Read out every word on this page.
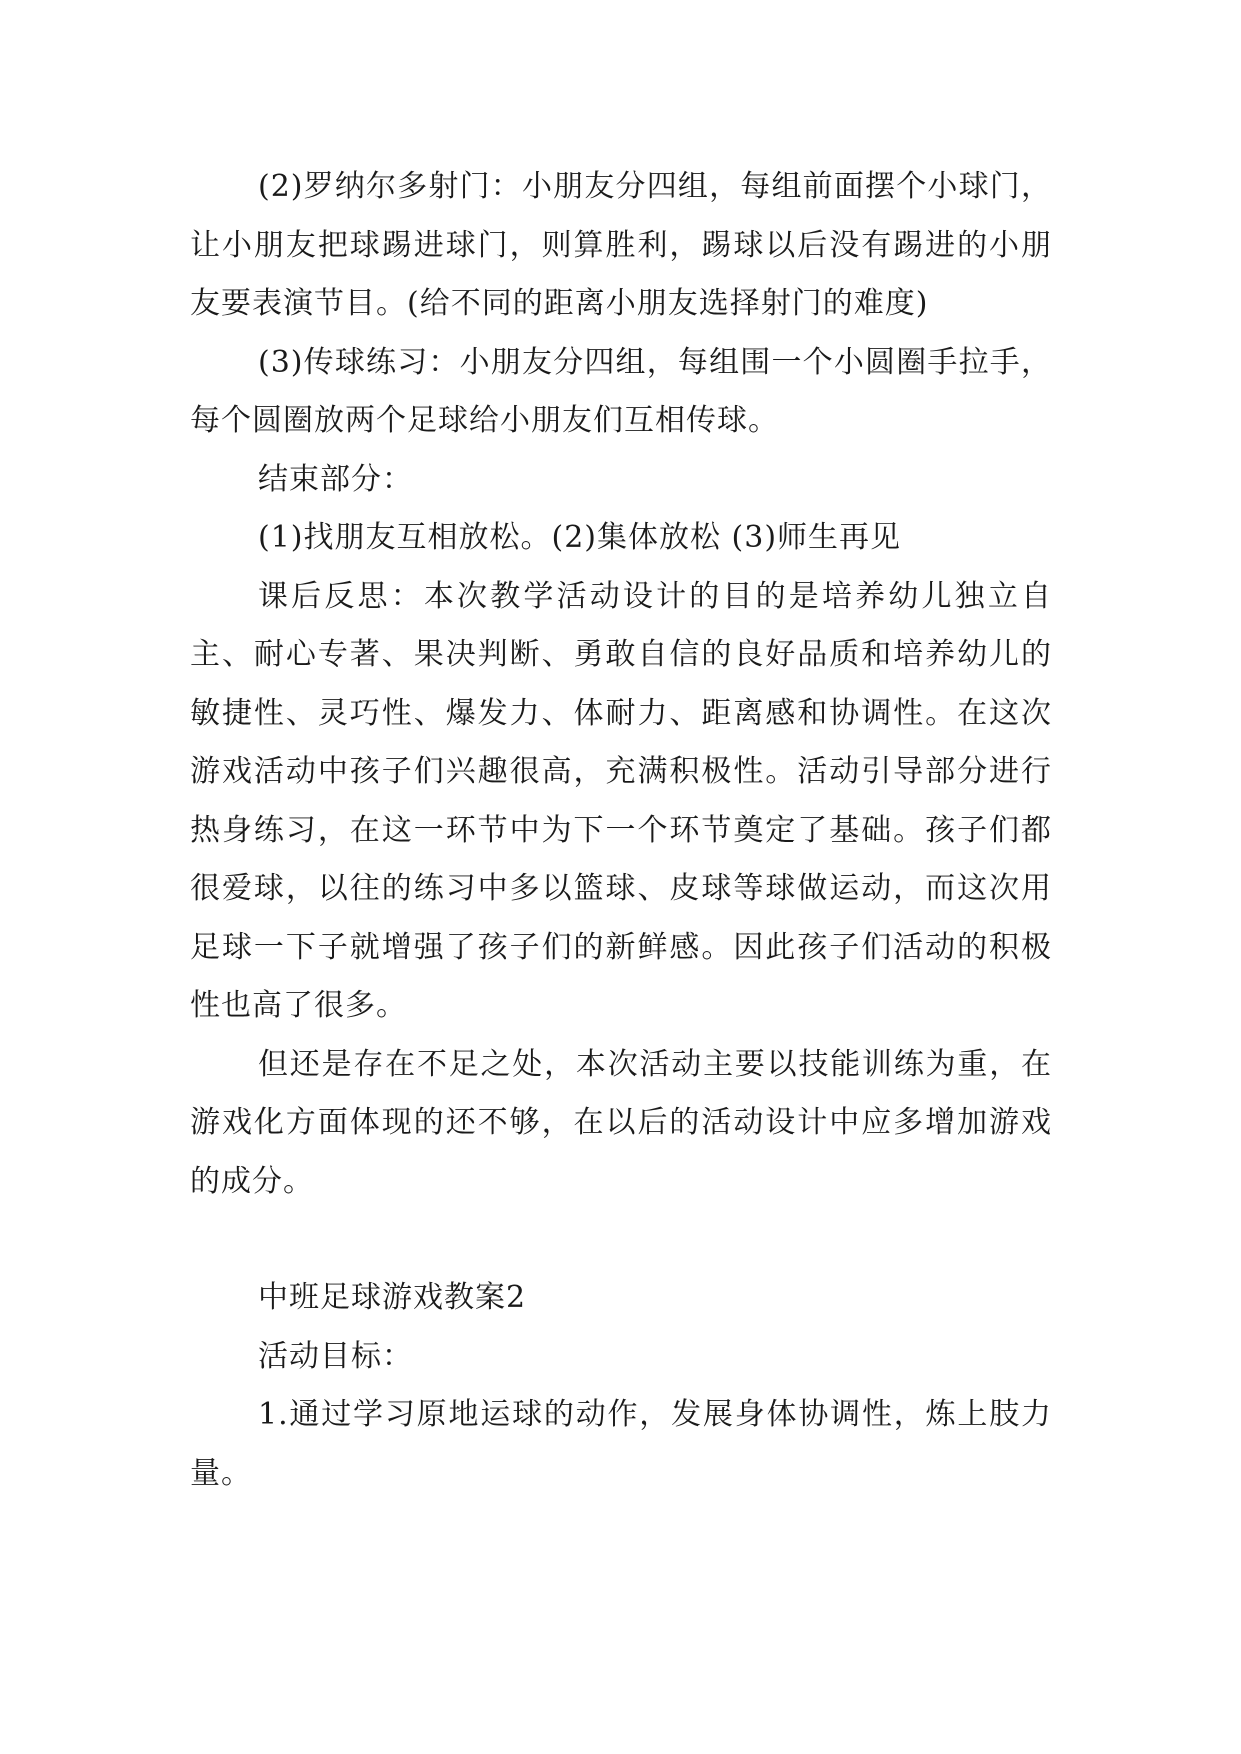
(2)罗纳尔多射门：小朋友分四组，每组前面摆个小球门，让小朋友把球踢进球门，则算胜利，踢球以后没有踢进的小朋友要表演节目。(给不同的距离小朋友选择射门的难度)

(3)传球练习：小朋友分四组，每组围一个小圆圈手拉手，每个圆圈放两个足球给小朋友们互相传球。

结束部分：

(1)找朋友互相放松。(2)集体放松 (3)师生再见

课后反思：本次教学活动设计的目的是培养幼儿独立自主、耐心专著、果决判断、勇敢自信的良好品质和培养幼儿的敏捷性、灵巧性、爆发力、体耐力、距离感和协调性。在这次游戏活动中孩子们兴趣很高，充满积极性。活动引导部分进行热身练习，在这一环节中为下一个环节奠定了基础。孩子们都很爱球，以往的练习中多以篮球、皮球等球做运动，而这次用足球一下子就增强了孩子们的新鲜感。因此孩子们活动的积极性也高了很多。

但还是存在不足之处，本次活动主要以技能训练为重，在游戏化方面体现的还不够，在以后的活动设计中应多增加游戏的成分。

中班足球游戏教案2

活动目标：

1.通过学习原地运球的动作，发展身体协调性，炼上肢力量。
